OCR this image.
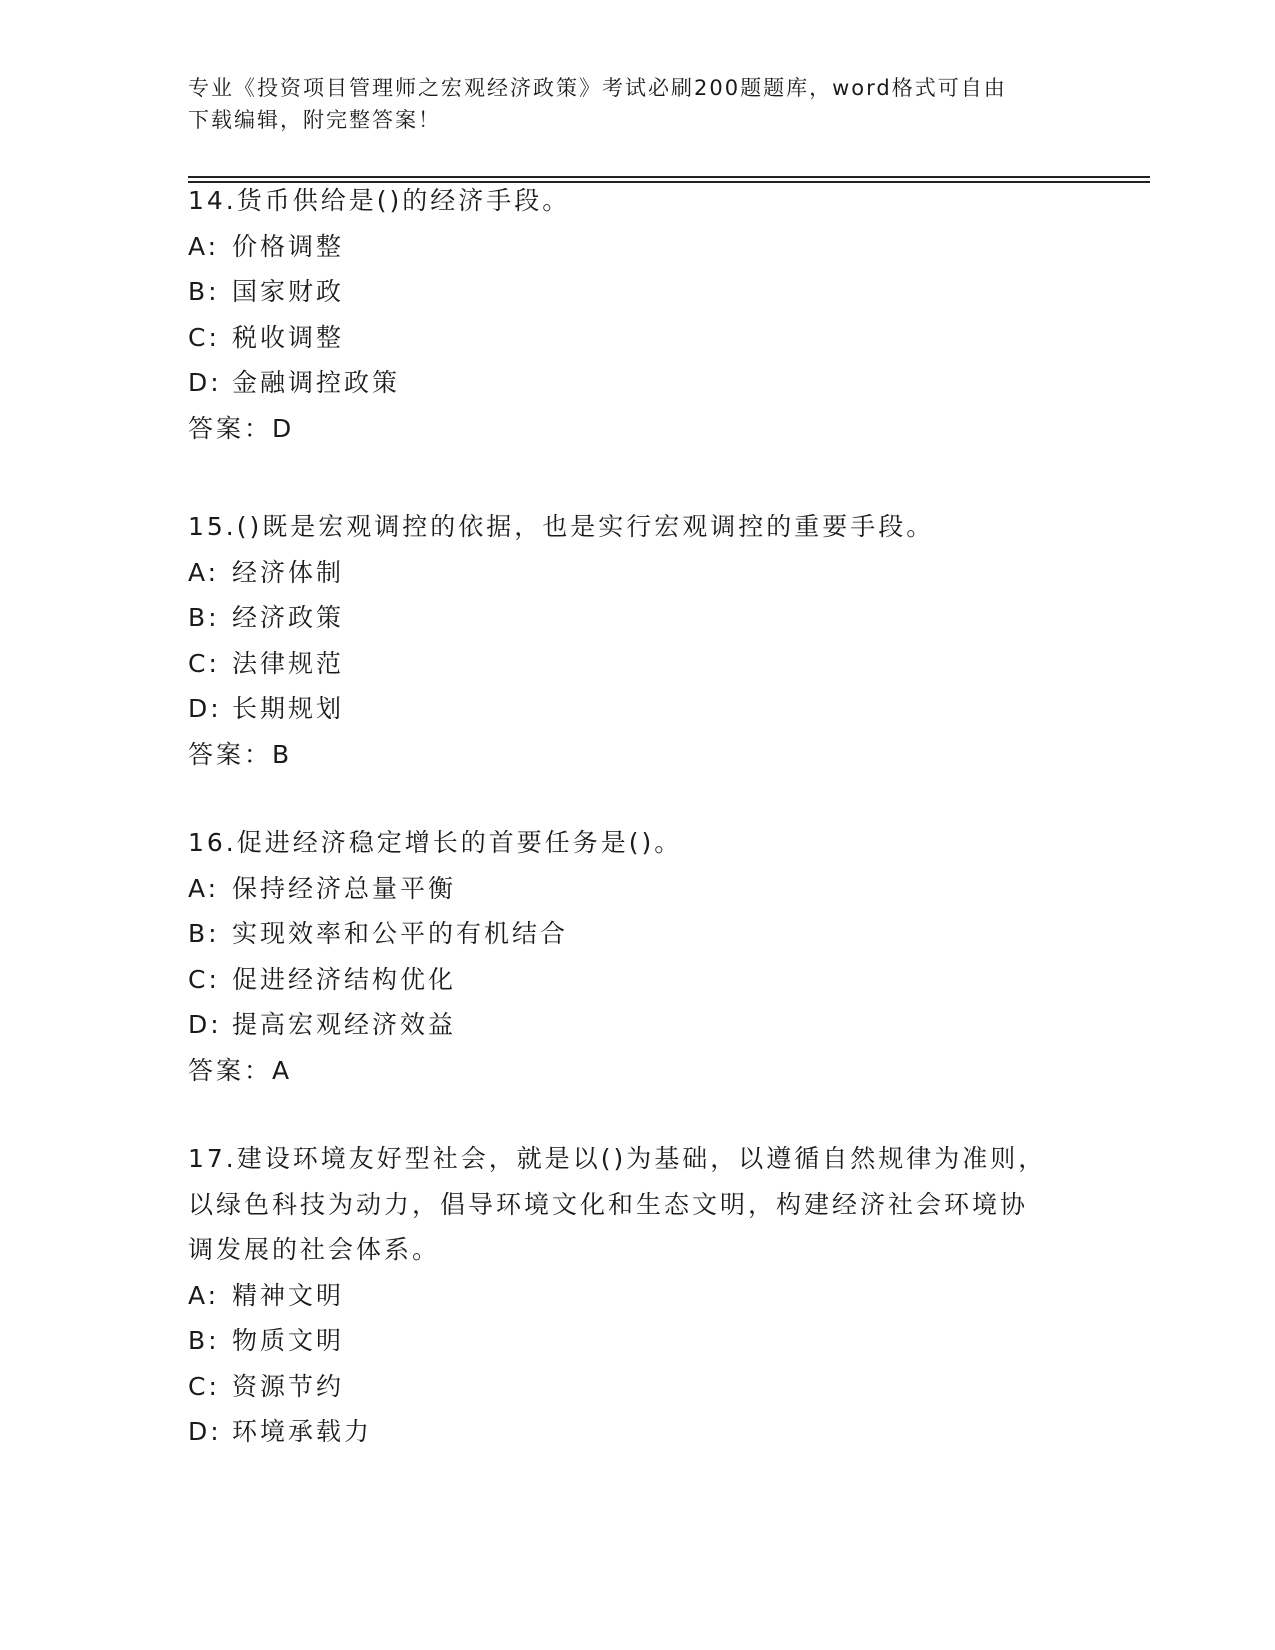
专业《投资项目管理师之宏观经济政策》考试必刷200题题库，word格式可自由
下载编辑，附完整答案！
14.货币供给是()的经济手段。
A: 价格调整
B: 国家财政
C: 税收调整
D: 金融调控政策
答案：D
15.()既是宏观调控的依据，也是实行宏观调控的重要手段。
A: 经济体制
B: 经济政策
C: 法律规范
D: 长期规划
答案：B
16.促进经济稳定增长的首要任务是()。
A: 保持经济总量平衡
B: 实现效率和公平的有机结合
C: 促进经济结构优化
D: 提高宏观经济效益
答案：A
17.建设环境友好型社会，就是以()为基础，以遵循自然规律为准则，
以绿色科技为动力，倡导环境文化和生态文明，构建经济社会环境协
调发展的社会体系。
A: 精神文明
B: 物质文明
C: 资源节约
D: 环境承载力
